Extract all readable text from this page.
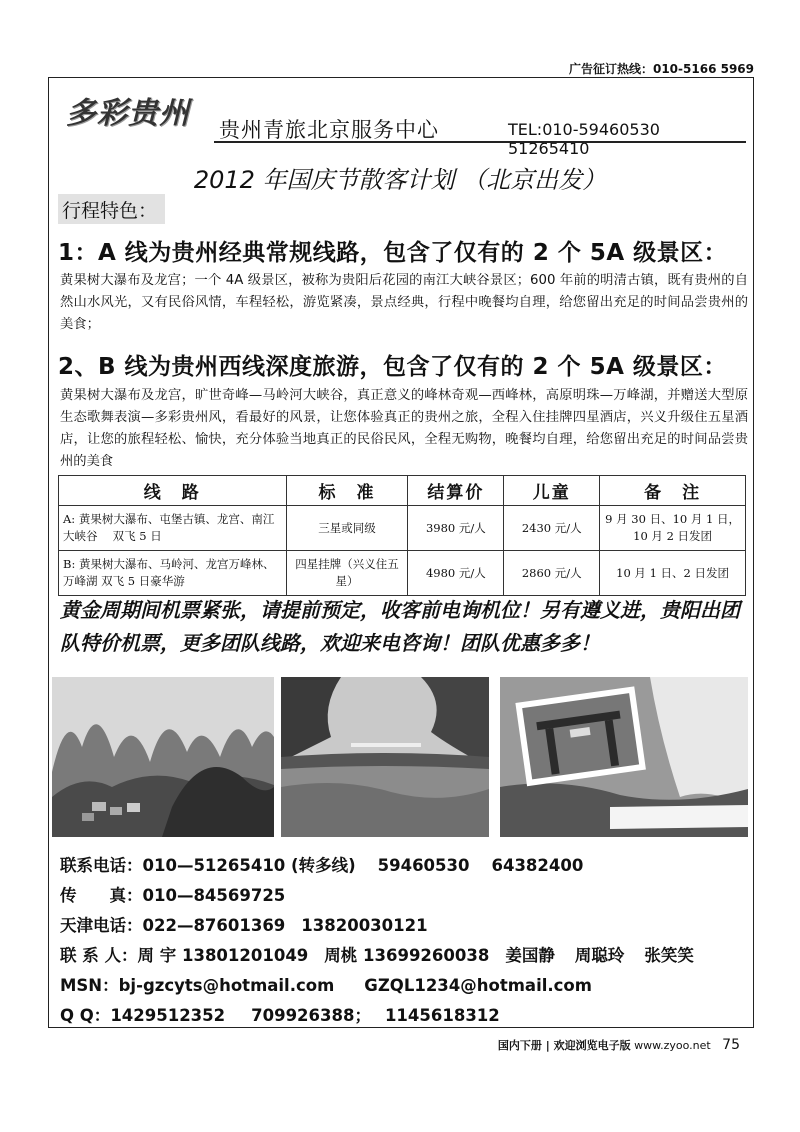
广告征订热线：010-5166 5969
多彩贵州 贵州青旅北京服务中心	TEL:010-59460530 51265410
2012 年国庆节散客计划 （北京出发）
行程特色：
1：A 线为贵州经典常规线路，包含了仅有的 2 个 5A 级景区：
黄果树大瀑布及龙宫；一个 4A 级景区，被称为贵阳后花园的南江大峡谷景区；600 年前的明清古镇，既有贵州的自然山水风光，又有民俗风情，车程轻松，游览紧凑，景点经典，行程中晚餐均自理，给您留出充足的时间品尝贵州的美食；
2、B 线为贵州西线深度旅游，包含了仅有的 2 个 5A 级景区：
黄果树大瀑布及龙宫，旷世奇峰—马岭河大峡谷，真正意义的峰林奇观—西峰林，高原明珠—万峰湖，并赠送大型原生态歌舞表演—多彩贵州风，看最好的风景，让您体验真正的贵州之旅，全程入住挂牌四星酒店，兴义升级住五星酒店，让您的旅程轻松、愉快，充分体验当地真正的民俗民风，全程无购物，晚餐均自理，给您留出充足的时间品尝贵州的美食
线　路	标　准	结算价	儿童	备　注
A: 黄果树大瀑布、屯堡古镇、龙宫、南江大峡谷　 双飞 5 日	三星或同级	3980 元/人	2430 元/人	9 月 30 日、10 月 1 日，10 月 2 日发团
B: 黄果树大瀑布、马岭河、龙宫万峰林、万峰湖 双飞 5 日豪华游	四星挂牌（兴义住五星）	4980 元/人	2860 元/人	10 月 1 日、2 日发团
黄金周期间机票紧张，请提前预定，收客前电询机位！另有遵义进，贵阳出团队特价机票，更多团队线路，欢迎来电咨询！团队优惠多多！
联系电话：010—51265410 (转多线) 59460530 64382400
传　　真：010—84569725
天津电话：022—87601369 13820030121
联 系 人：周 宇 13801201049 周桃 13699260038 姜国静 周聪玲 张笑笑
MSN：bj-gzcyts@hotmail.com GZQL1234@hotmail.com
Q Q：1429512352 709926388； 1145618312
国内下册 | 欢迎浏览电子版 www.zyoo.net 75
